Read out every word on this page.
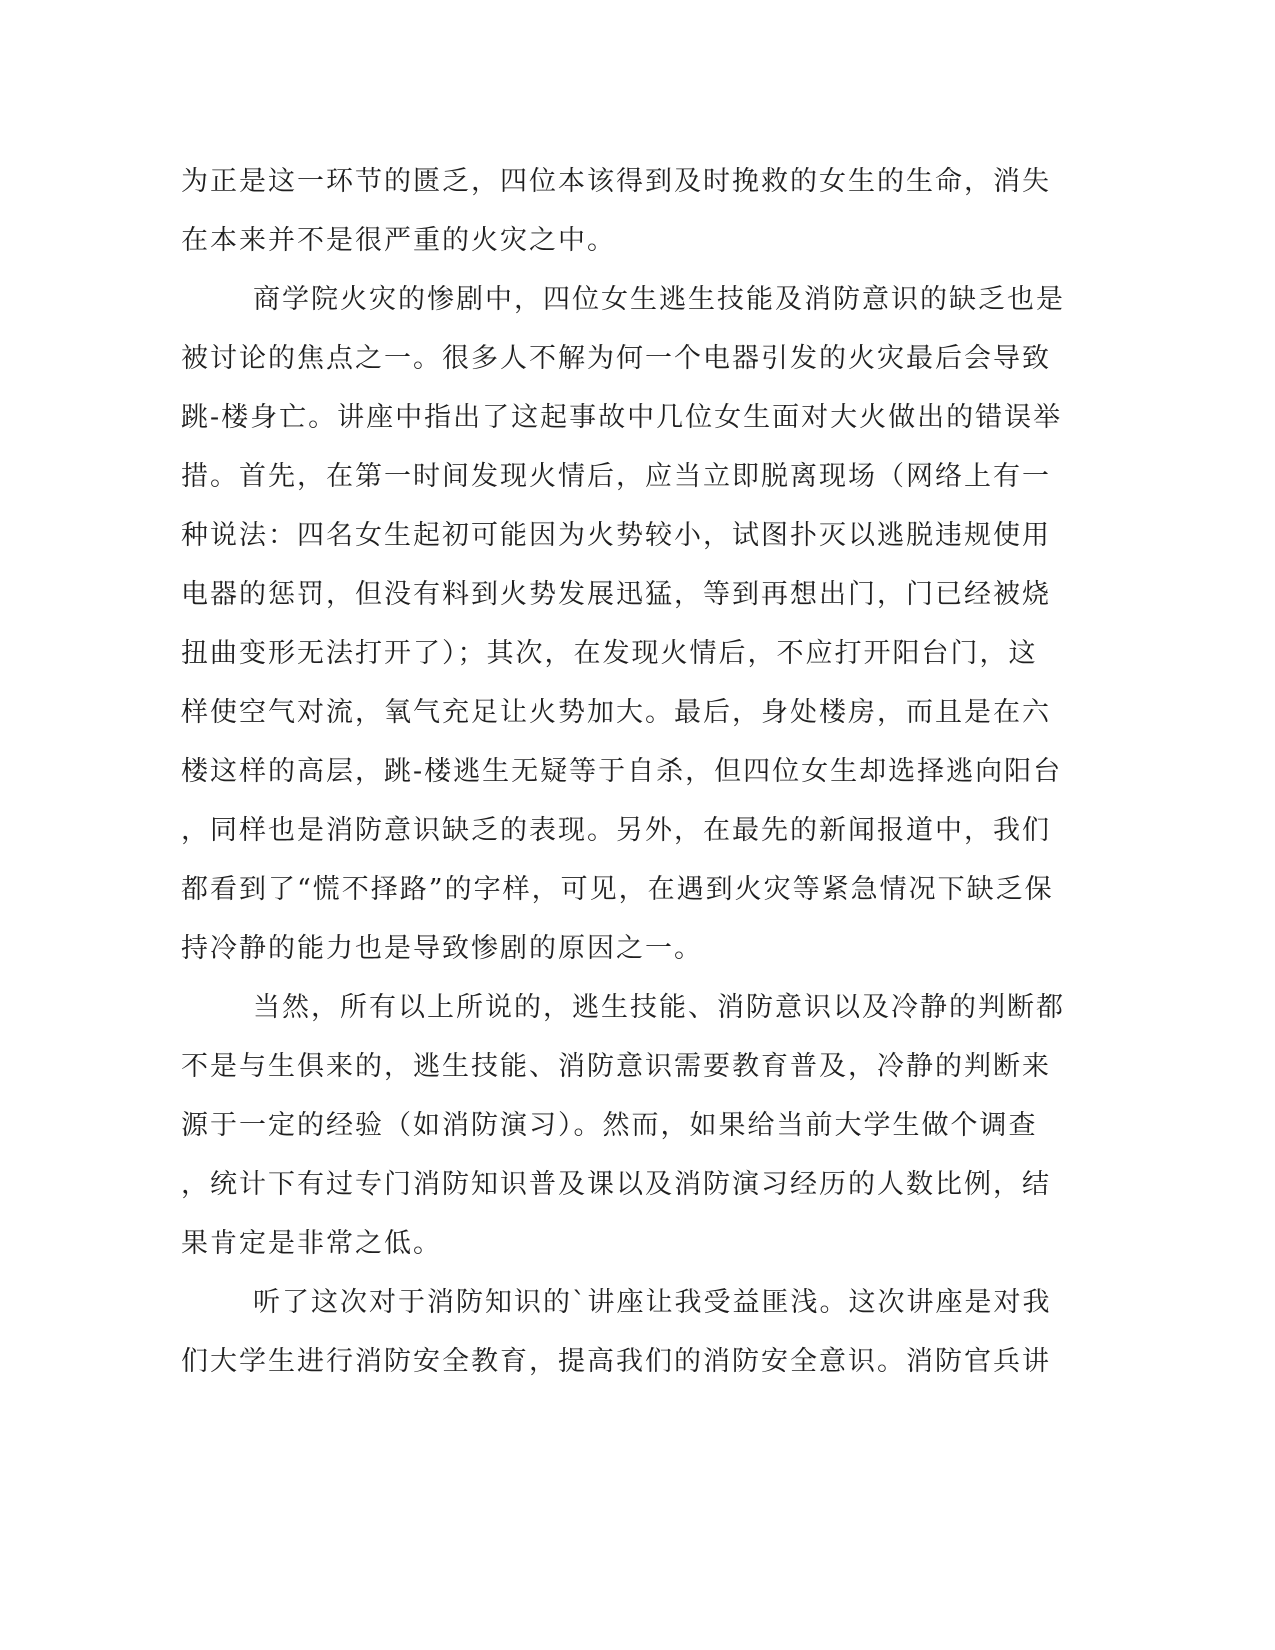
为正是这一环节的匮乏，四位本该得到及时挽救的女生的生命，消失
在本来并不是很严重的火灾之中。
商学院火灾的惨剧中，四位女生逃生技能及消防意识的缺乏也是
被讨论的焦点之一。很多人不解为何一个电器引发的火灾最后会导致
跳-楼身亡。讲座中指出了这起事故中几位女生面对大火做出的错误举
措。首先，在第一时间发现火情后，应当立即脱离现场（网络上有一
种说法：四名女生起初可能因为火势较小，试图扑灭以逃脱违规使用
电器的惩罚，但没有料到火势发展迅猛，等到再想出门，门已经被烧
扭曲变形无法打开了）；其次，在发现火情后，不应打开阳台门，这
样使空气对流，氧气充足让火势加大。最后，身处楼房，而且是在六
楼这样的高层，跳-楼逃生无疑等于自杀，但四位女生却选择逃向阳台
，同样也是消防意识缺乏的表现。另外，在最先的新闻报道中，我们
都看到了“慌不择路”的字样，可见，在遇到火灾等紧急情况下缺乏保
持冷静的能力也是导致惨剧的原因之一。
当然，所有以上所说的，逃生技能、消防意识以及冷静的判断都
不是与生俱来的，逃生技能、消防意识需要教育普及，冷静的判断来
源于一定的经验（如消防演习）。然而，如果给当前大学生做个调查
，统计下有过专门消防知识普及课以及消防演习经历的人数比例，结
果肯定是非常之低。
听了这次对于消防知识的`讲座让我受益匪浅。这次讲座是对我
们大学生进行消防安全教育，提高我们的消防安全意识。消防官兵讲
